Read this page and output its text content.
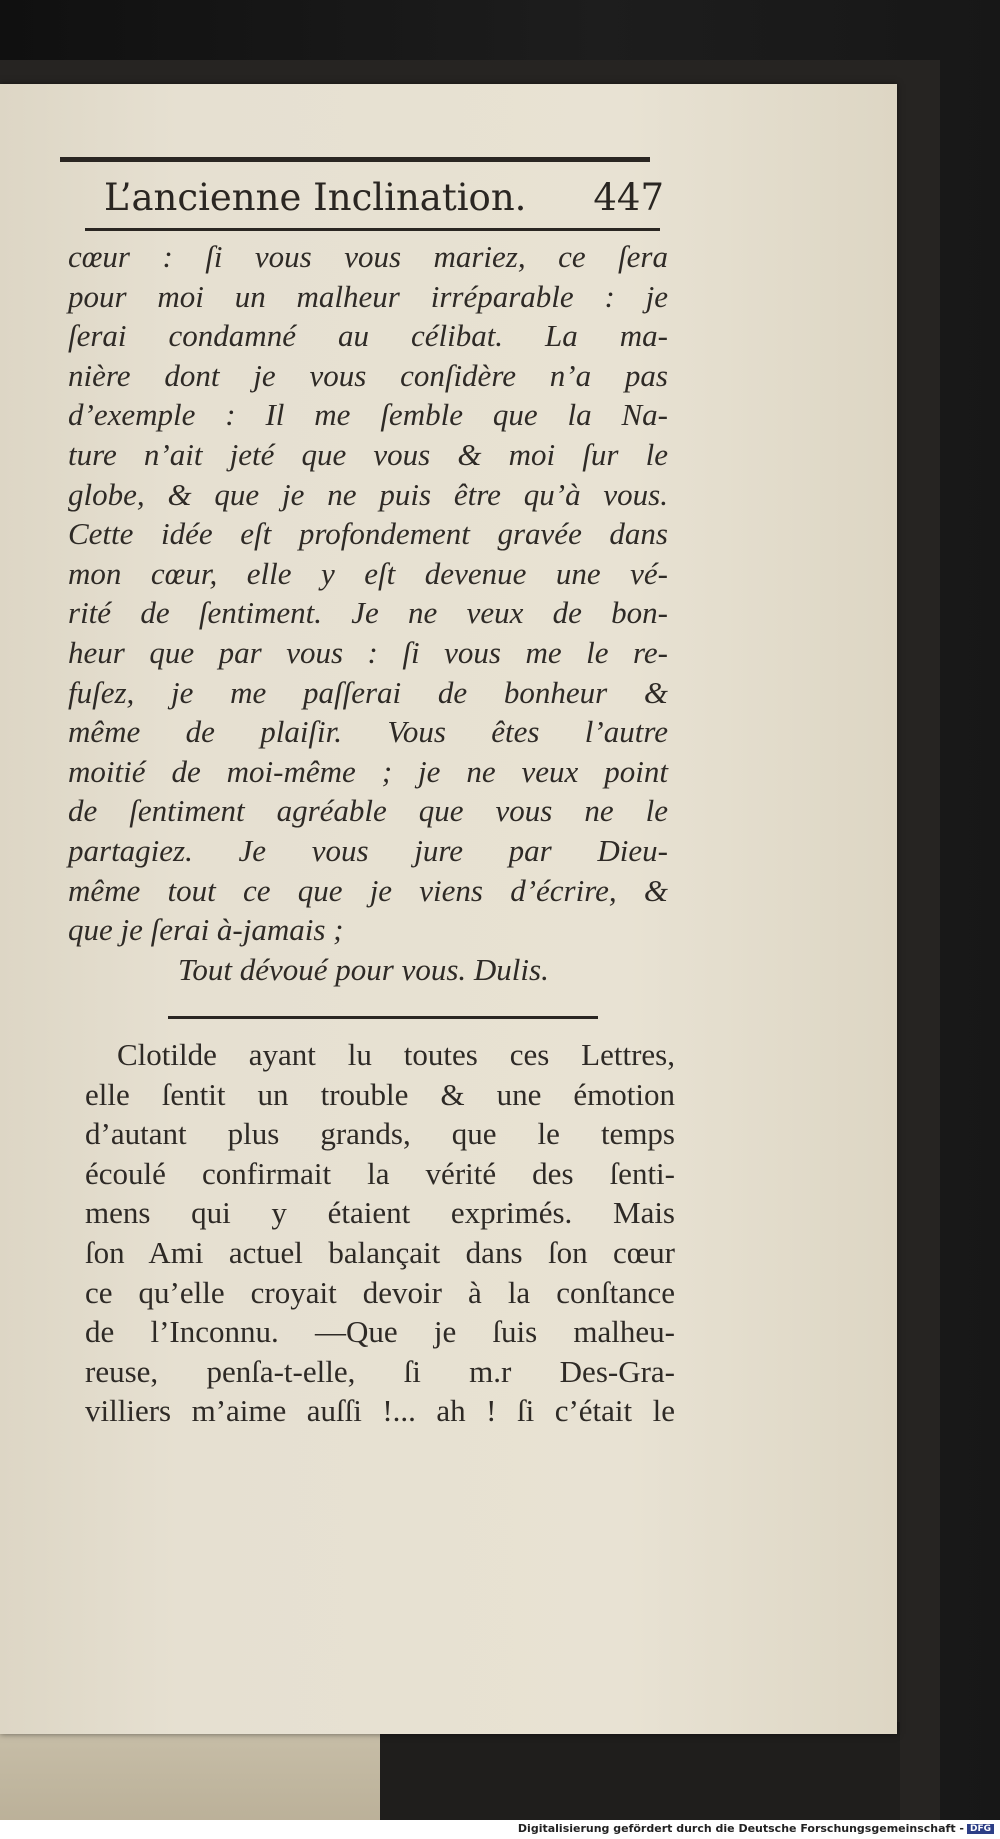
L’ancienne Inclination. 447
cœur : ſi vous vous mariez, ce ſera
pour moi un malheur irréparable : je
ſerai condamné au célibat. La ma-
nière dont je vous conſidère n’a pas
d’exemple : Il me ſemble que la Na-
ture n’ait jeté que vous & moi ſur le
globe, & que je ne puis être qu’à vous.
Cette idée eſt profondement gravée dans
mon cœur, elle y eſt devenue une vé-
rité de ſentiment. Je ne veux de bon-
heur que par vous : ſi vous me le re-
fuſez, je me paſſerai de bonheur &
même de plaiſir. Vous êtes l’autre
moitié de moi-même ; je ne veux point
de ſentiment agréable que vous ne le
partagiez. Je vous jure par Dieu-
même tout ce que je viens d’écrire, &
que je ſerai à-jamais ;
Tout dévoué pour vous. Dulis.
Clotilde ayant lu toutes ces Lettres,
elle ſentit un trouble & une émotion
d’autant plus grands, que le temps
écoulé confirmait la vérité des ſenti-
mens qui y étaient exprimés. Mais
ſon Ami actuel balançait dans ſon cœur
ce qu’elle croyait devoir à la conſtance
de l’Inconnu. —Que je ſuis malheu-
reuse, penſa-t-elle, ſi m.r Des-Gra-
villiers m’aime auſſi !... ah ! ſi c’était le
Digitalisierung gefördert durch die Deutsche Forschungsgemeinschaft - DFG
